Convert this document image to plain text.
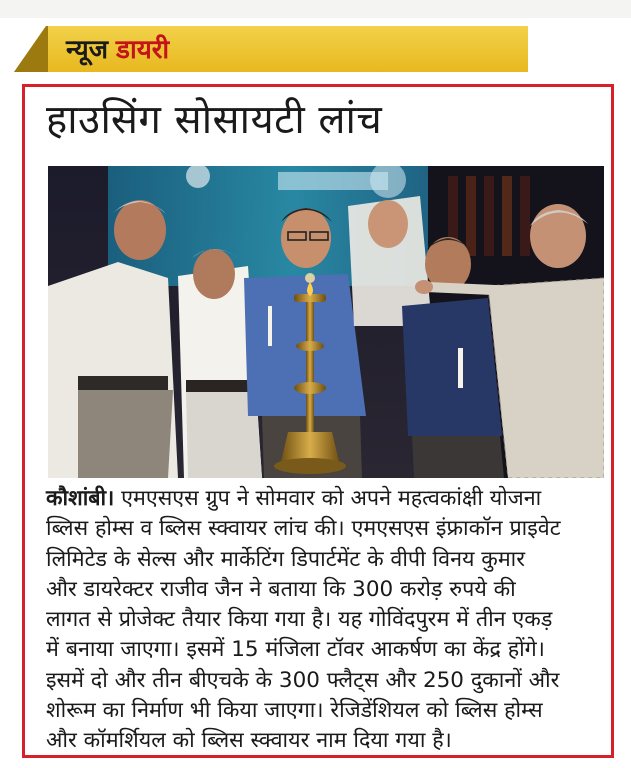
न्यूज डायरी
हाउसिंग सोसायटी लांच
कौशांबी। एमएसएस ग्रुप ने सोमवार को अपने महत्वकांक्षी योजना
ब्लिस होम्स व ब्लिस स्क्वायर लांच की। एमएसएस इंफ्राकॉन प्राइवेट
लिमिटेड के सेल्स और मार्केटिंग डिपार्टमेंट के वीपी विनय कुमार
और डायरेक्टर राजीव जैन ने बताया कि 300 करोड़ रुपये की
लागत से प्रोजेक्ट तैयार किया गया है। यह गोविंदपुरम में तीन एकड़
में बनाया जाएगा। इसमें 15 मंजिला टॉवर आकर्षण का केंद्र होंगे।
इसमें दो और तीन बीएचके के 300 फ्लैट्स और 250 दुकानों और
शोरूम का निर्माण भी किया जाएगा। रेजिडेंशियल को ब्लिस होम्स
और कॉमर्शियल को ब्लिस स्क्वायर नाम दिया गया है।
